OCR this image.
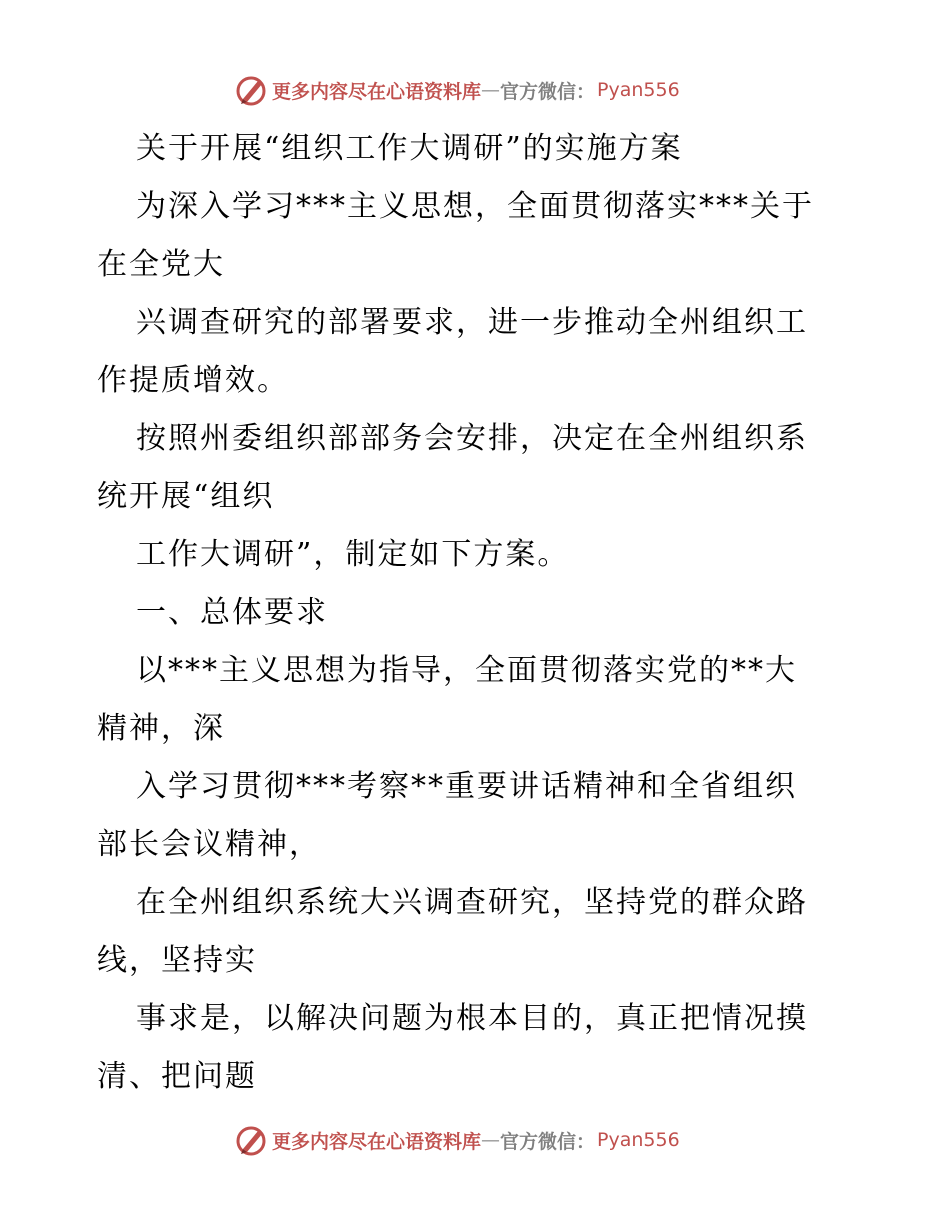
更多内容尽在心语资料库 — 官方微信： Pyan556
关于开展“组织工作大调研”的实施方案
为深入学习***主义思想，全面贯彻落实***关于
在全党大
兴调查研究的部署要求，进一步推动全州组织工
作提质增效。
按照州委组织部部务会安排，决定在全州组织系
统开展“组织
工作大调研”，制定如下方案。
一、总体要求
以***主义思想为指导，全面贯彻落实党的**大
精神，深
入学习贯彻***考察**重要讲话精神和全省组织
部长会议精神，
在全州组织系统大兴调查研究，坚持党的群众路
线，坚持实
事求是，以解决问题为根本目的，真正把情况摸
清、把问题
更多内容尽在心语资料库 — 官方微信： Pyan556
